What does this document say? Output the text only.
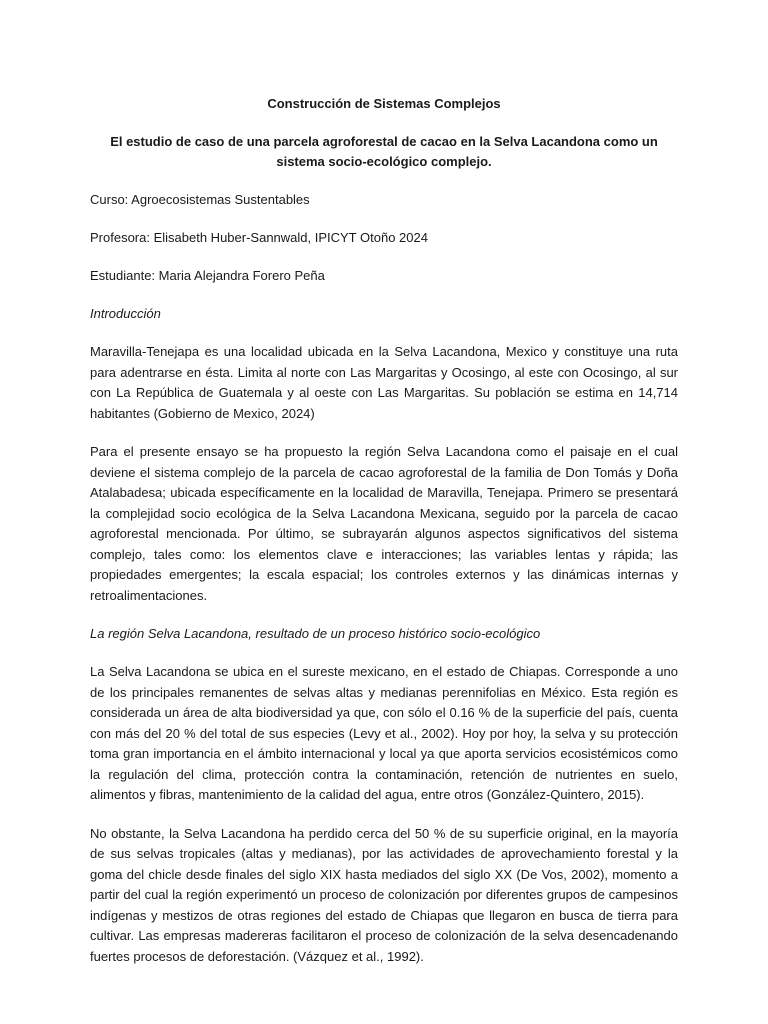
Construcción de Sistemas Complejos

El estudio de caso de una parcela agroforestal de cacao en la Selva Lacandona como un sistema socio-ecológico complejo.

Curso: Agroecosistemas Sustentables

Profesora: Elisabeth Huber-Sannwald, IPICYT Otoño 2024

Estudiante: Maria Alejandra Forero Peña

Introducción

Maravilla-Tenejapa es una localidad ubicada en la Selva Lacandona, Mexico y constituye una ruta para adentrarse en ésta. Limita al norte con Las Margaritas y Ocosingo, al este con Ocosingo, al sur con La República de Guatemala y al oeste con Las Margaritas. Su población se estima en 14,714 habitantes (Gobierno de Mexico, 2024)

Para el presente ensayo se ha propuesto la región Selva Lacandona como el paisaje en el cual deviene el sistema complejo de la parcela de cacao agroforestal de la familia de Don Tomás y Doña Atalabadesa; ubicada específicamente en la localidad de Maravilla, Tenejapa. Primero se presentará la complejidad socio ecológica de la Selva Lacandona Mexicana, seguido por la parcela de cacao agroforestal mencionada. Por último, se subrayarán algunos aspectos significativos del sistema complejo, tales como: los elementos clave e interacciones; las variables lentas y rápida; las propiedades emergentes; la escala espacial; los controles externos y las dinámicas internas y retroalimentaciones.

La región Selva Lacandona, resultado de un proceso histórico socio-ecológico

La Selva Lacandona se ubica en el sureste mexicano, en el estado de Chiapas. Corresponde a uno de los principales remanentes de selvas altas y medianas perennifolias en México. Esta región es considerada un área de alta biodiversidad ya que, con sólo el 0.16 % de la superficie del país, cuenta con más del 20 % del total de sus especies (Levy et al., 2002). Hoy por hoy, la selva y su protección toma gran importancia en el ámbito internacional y local ya que aporta servicios ecosistémicos como la regulación del clima, protección contra la contaminación, retención de nutrientes en suelo, alimentos y fibras, mantenimiento de la calidad del agua, entre otros (González-Quintero, 2015).

No obstante, la Selva Lacandona ha perdido cerca del 50 % de su superficie original, en la mayoría de sus selvas tropicales (altas y medianas), por las actividades de aprovechamiento forestal y la goma del chicle desde finales del siglo XIX hasta mediados del siglo XX (De Vos, 2002), momento a partir del cual la región experimentó un proceso de colonización por diferentes grupos de campesinos indígenas y mestizos de otras regiones del estado de Chiapas que llegaron en busca de tierra para cultivar. Las empresas madereras facilitaron el proceso de colonización de la selva desencadenando fuertes procesos de deforestación. (Vázquez et al., 1992).
